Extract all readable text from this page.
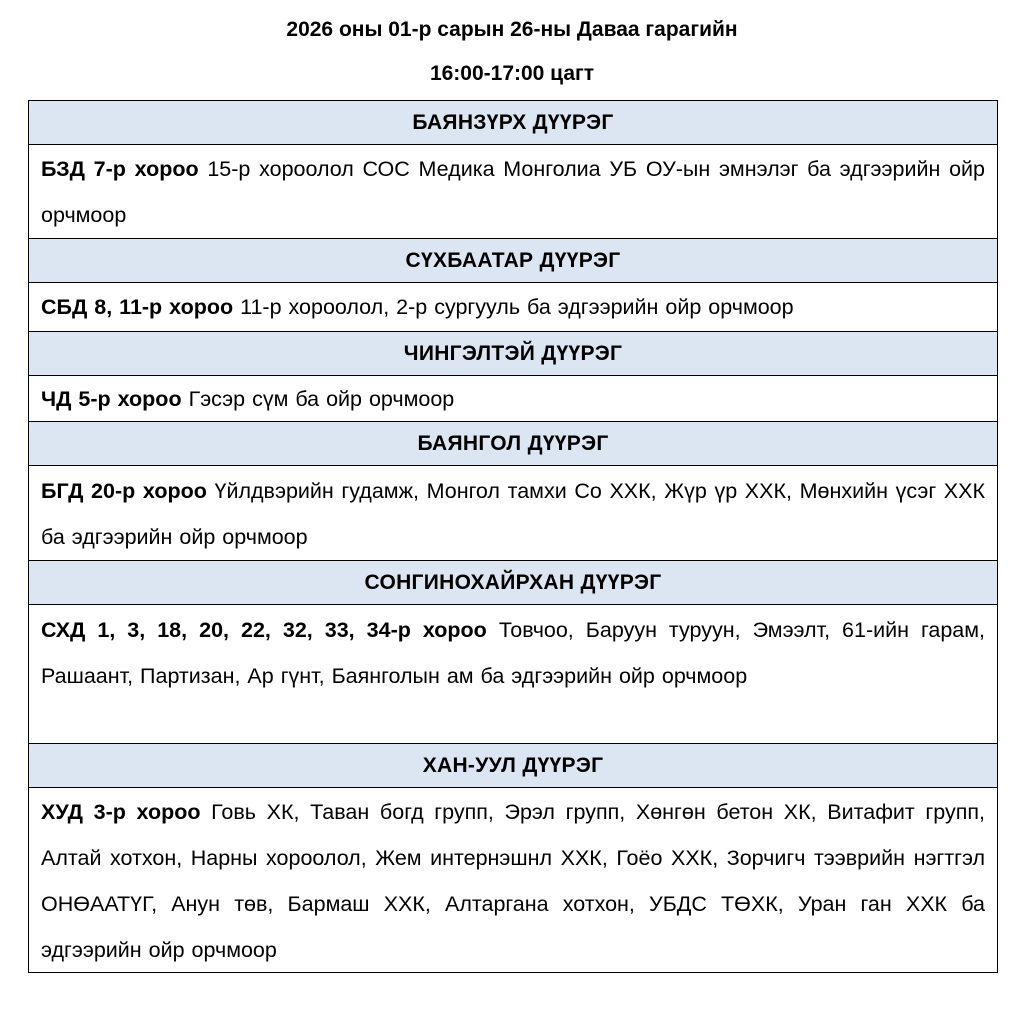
2026 оны 01-р сарын 26-ны Даваа гарагийн
16:00-17:00 цагт
БАЯНЗҮРХ ДҮҮРЭГ
БЗД 7-р хороо 15-р хороолол СОС Медика Монголиа УБ ОУ-ын эмнэлэг ба эдгээрийн ойр орчмоор
СҮХБААТАР ДҮҮРЭГ
СБД 8, 11-р хороо 11-р хороолол, 2-р сургууль ба эдгээрийн ойр орчмоор
ЧИНГЭЛТЭЙ ДҮҮРЭГ
ЧД 5-р хороо Гэсэр сүм ба ойр орчмоор
БАЯНГОЛ ДҮҮРЭГ
БГД 20-р хороо Үйлдвэрийн гудамж, Монгол тамхи Со ХХК, Жүр үр ХХК, Мөнхийн үсэг ХХК ба эдгээрийн ойр орчмоор
СОНГИНОХАЙРХАН ДҮҮРЭГ
СХД 1, 3, 18, 20, 22, 32, 33, 34-р хороо Товчоо, Баруун туруун, Эмээлт, 61-ийн гарам, Рашаант, Партизан, Ар гүнт, Баянголын ам ба эдгээрийн ойр орчмоор
ХАН-УУЛ ДҮҮРЭГ
ХУД 3-р хороо Говь ХК, Таван богд групп, Эрэл групп, Хөнгөн бетон ХК, Витафит групп, Алтай хотхон, Нарны хороолол, Жем интернэшнл ХХК, Гоёо ХХК, Зорчигч тээврийн нэгтгэл ОНӨААТҮГ, Анун төв, Бармаш ХХК, Алтаргана хотхон, УБДС ТӨХК, Уран ган ХХК ба эдгээрийн ойр орчмоор
